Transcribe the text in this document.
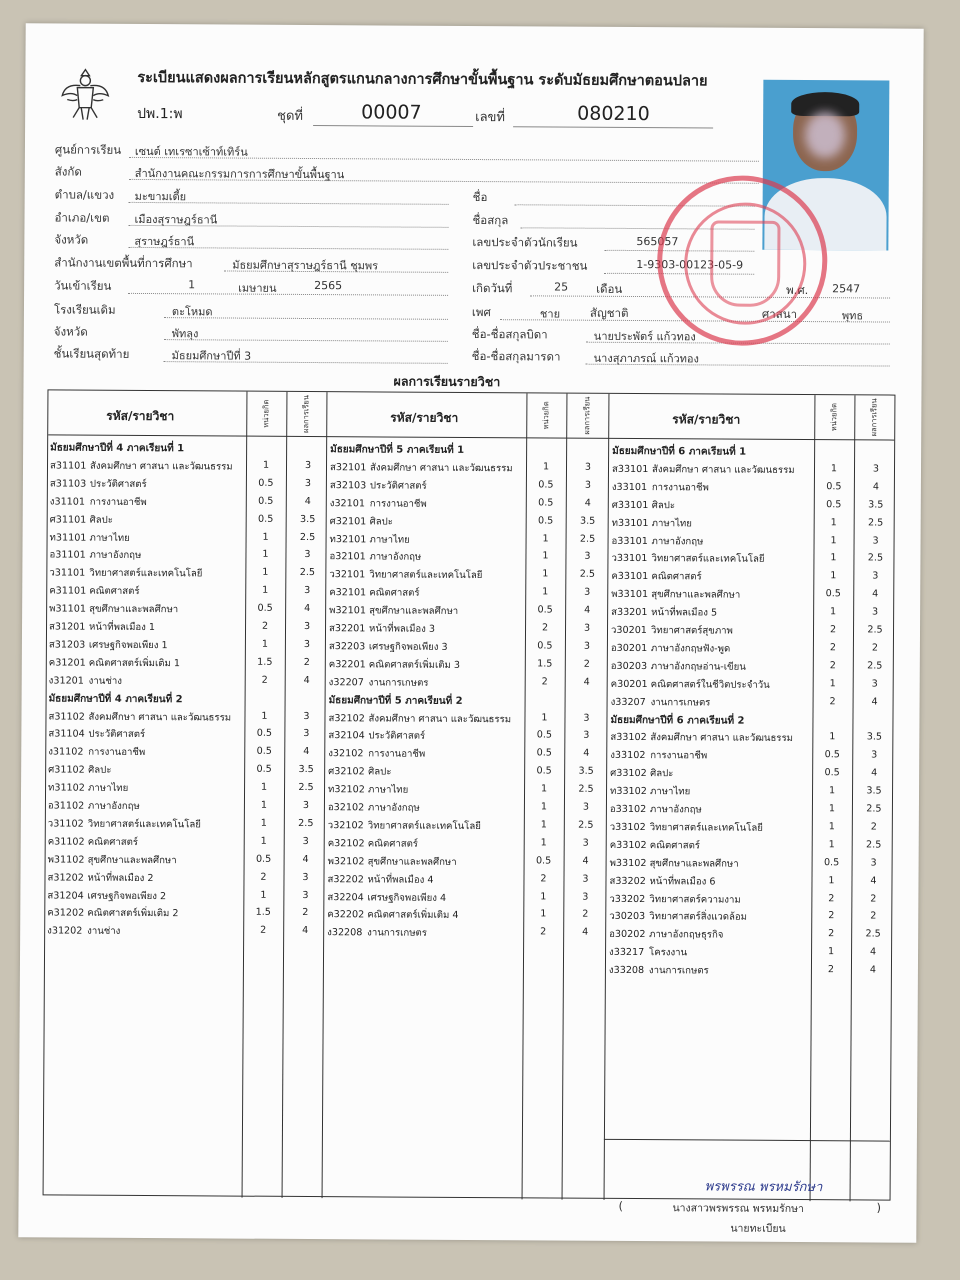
ระเบียนแสดงผลการเรียนหลักสูตรแกนกลางการศึกษาขั้นพื้นฐาน ระดับมัธยมศึกษาตอนปลาย
ปพ.1:พ	ชุดที่	00007	เลขที่	080210
ศูนย์การเรียน เซนต์ เทเรซาเซ้าท์เทิร์น
สังกัด	สำนักงานคณะกรรมการการศึกษาขั้นพื้นฐาน
ตำบล/แขวง มะขามเตี้ย
อำเภอ/เขต เมืองสุราษฎร์ธานี
จังหวัด	สุราษฎร์ธานี
สำนักงานเขตพื้นที่การศึกษา	มัธยมศึกษาสุราษฎร์ธานี ชุมพร
วันเข้าเรียน	1	เมษายน	2565
โรงเรียนเดิม	ตะโหมด
จังหวัด	พัทลุง
ชั้นเรียนสุดท้าย	มัธยมศึกษาปีที่ 3
ชื่อ
ชื่อสกุล
เลขประจำตัวนักเรียน	565057
เลขประจำตัวประชาชน	1-9303-00123-05-9
เกิดวันที่	25 เดือน	พ.ศ. 2547
เพศ	ชาย	สัญชาติ	ศาสนา	พุทธ
ชื่อ-ชื่อสกุลบิดา	นายประพัตร์ แก้วทอง
ชื่อ-ชื่อสกุลมารดา	นางสุภาภรณ์ แก้วทอง
ผลการเรียนรายวิชา
รหัส/รายวิชา	รหัส/รายวิชา	รหัส/รายวิชา
หน่วยกิต	ผลการเรียน	หน่วยกิต	ผลการเรียน	หน่วยกิต	ผลการเรียน
มัธยมศึกษาปีที่ 4 ภาคเรียนที่ 1
ส31101 สังคมศึกษา ศาสนา และวัฒนธรรม	1	3
ส31103 ประวัติศาสตร์	0.5	3
ง31101 การงานอาชีพ	0.5	4
ศ31101 ศิลปะ	0.5	3.5
ท31101 ภาษาไทย	1	2.5
อ31101 ภาษาอังกฤษ	1	3
ว31101 วิทยาศาสตร์และเทคโนโลยี	1	2.5
ค31101 คณิตศาสตร์	1	3
พ31101 สุขศึกษาและพลศึกษา	0.5	4
ส31201 หน้าที่พลเมือง 1	2	3
ส31203 เศรษฐกิจพอเพียง 1	1	3
ค31201 คณิตศาสตร์เพิ่มเติม 1	1.5	2
ง31201 งานช่าง	2	4
มัธยมศึกษาปีที่ 4 ภาคเรียนที่ 2
ส31102 สังคมศึกษา ศาสนา และวัฒนธรรม	1	3
ส31104 ประวัติศาสตร์	0.5	3
ง31102 การงานอาชีพ	0.5	4
ศ31102 ศิลปะ	0.5	3.5
ท31102 ภาษาไทย	1	2.5
อ31102 ภาษาอังกฤษ	1	3
ว31102 วิทยาศาสตร์และเทคโนโลยี	1	2.5
ค31102 คณิตศาสตร์	1	3
พ31102 สุขศึกษาและพลศึกษา	0.5	4
ส31202 หน้าที่พลเมือง 2	2	3
ส31204 เศรษฐกิจพอเพียง 2	1	3
ค31202 คณิตศาสตร์เพิ่มเติม 2	1.5	2
ง31202 งานช่าง	2	4
มัธยมศึกษาปีที่ 5 ภาคเรียนที่ 1
ส32101 สังคมศึกษา ศาสนา และวัฒนธรรม	1	3
ส32103 ประวัติศาสตร์	0.5	3
ง32101 การงานอาชีพ	0.5	4
ศ32101 ศิลปะ	0.5	3.5
ท32101 ภาษาไทย	1	2.5
อ32101 ภาษาอังกฤษ	1	3
ว32101 วิทยาศาสตร์และเทคโนโลยี	1	2.5
ค32101 คณิตศาสตร์	1	3
พ32101 สุขศึกษาและพลศึกษา	0.5	4
ส32201 หน้าที่พลเมือง 3	2	3
ส32203 เศรษฐกิจพอเพียง 3	0.5	3
ค32201 คณิตศาสตร์เพิ่มเติม 3	1.5	2
ง32207 งานการเกษตร	2	4
มัธยมศึกษาปีที่ 5 ภาคเรียนที่ 2
ส32102 สังคมศึกษา ศาสนา และวัฒนธรรม	1	3
ส32104 ประวัติศาสตร์	0.5	3
ง32102 การงานอาชีพ	0.5	4
ศ32102 ศิลปะ	0.5	3.5
ท32102 ภาษาไทย	1	2.5
อ32102 ภาษาอังกฤษ	1	3
ว32102 วิทยาศาสตร์และเทคโนโลยี	1	2.5
ค32102 คณิตศาสตร์	1	3
พ32102 สุขศึกษาและพลศึกษา	0.5	4
ส32202 หน้าที่พลเมือง 4	2	3
ส32204 เศรษฐกิจพอเพียง 4	1	3
ค32202 คณิตศาสตร์เพิ่มเติม 4	1	2
ง32208 งานการเกษตร	2	4
มัธยมศึกษาปีที่ 6 ภาคเรียนที่ 1
ส33101 สังคมศึกษา ศาสนา และวัฒนธรรม	1	3
ง33101 การงานอาชีพ	0.5	4
ศ33101 ศิลปะ	0.5	3.5
ท33101 ภาษาไทย	1	2.5
อ33101 ภาษาอังกฤษ	1	3
ว33101 วิทยาศาสตร์และเทคโนโลยี	1	2.5
ค33101 คณิตศาสตร์	1	3
พ33101 สุขศึกษาและพลศึกษา	0.5	4
ส33201 หน้าที่พลเมือง 5	1	3
ว30201 วิทยาศาสตร์สุขภาพ	2	2.5
อ30201 ภาษาอังกฤษฟัง-พูด	2	2
อ30203 ภาษาอังกฤษอ่าน-เขียน	2	2.5
ค30201 คณิตศาสตร์ในชีวิตประจำวัน	1	3
ง33207 งานการเกษตร	2	4
มัธยมศึกษาปีที่ 6 ภาคเรียนที่ 2
ส33102 สังคมศึกษา ศาสนา และวัฒนธรรม	1	3.5
ง33102 การงานอาชีพ	0.5	3
ศ33102 ศิลปะ	0.5	4
ท33102 ภาษาไทย	1	3.5
อ33102 ภาษาอังกฤษ	1	2.5
ว33102 วิทยาศาสตร์และเทคโนโลยี	1	2
ค33102 คณิตศาสตร์	1	2.5
พ33102 สุขศึกษาและพลศึกษา	0.5	3
ส33202 หน้าที่พลเมือง 6	1	4
ว33202 วิทยาศาสตร์ความงาม	2	2
ว30203 วิทยาศาสตร์สิ่งแวดล้อม	2	2
อ30202 ภาษาอังกฤษธุรกิจ	2	2.5
ง33217 โครงงาน	1	4
ง33208 งานการเกษตร	2	4
พรพรรณ พรหมรักษา
(	นางสาวพรพรรณ พรหมรักษา	)
นายทะเบียน
